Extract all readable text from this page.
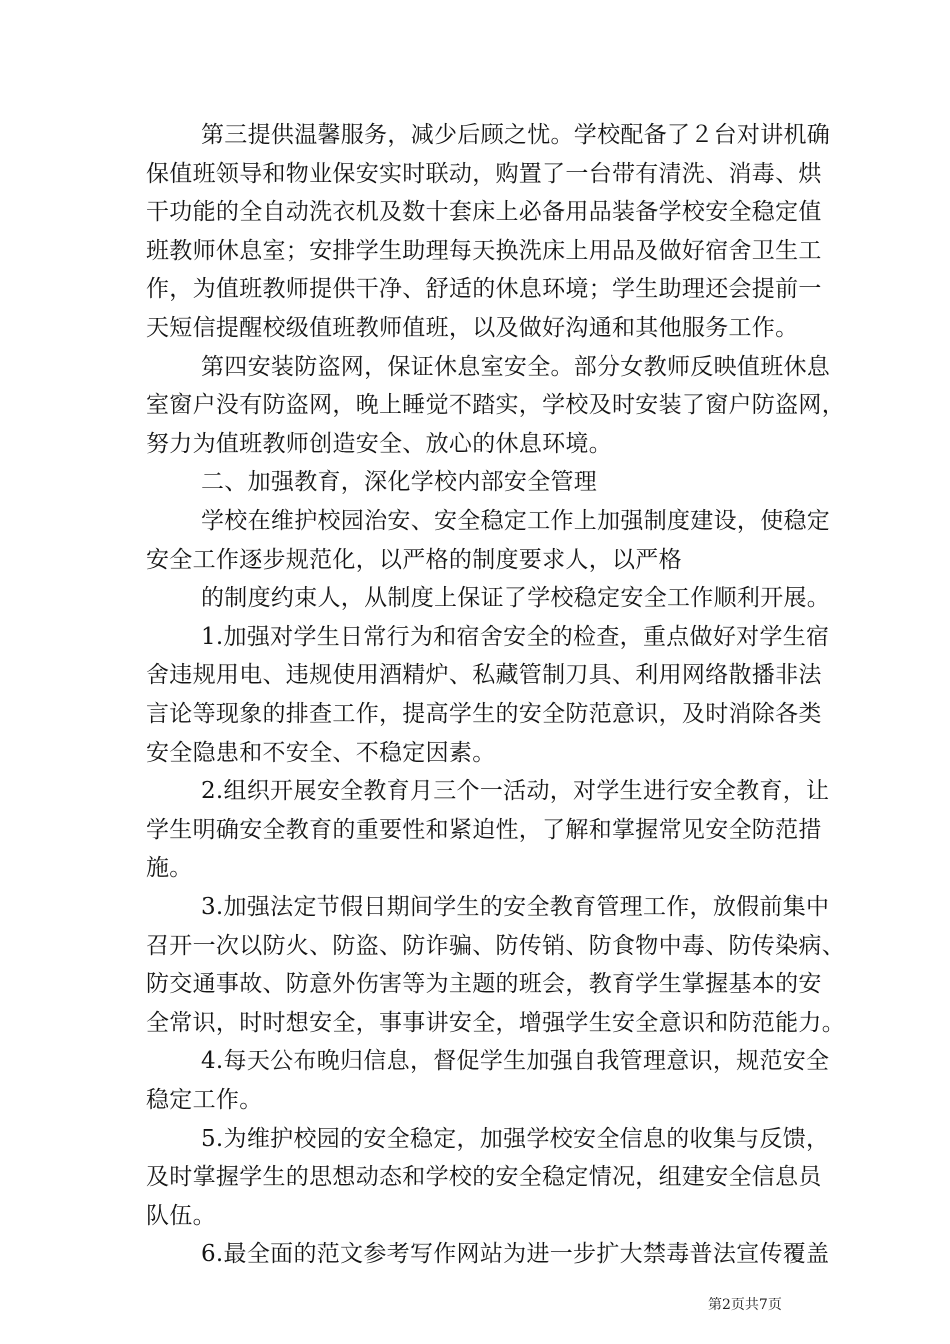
第三提供温馨服务，减少后顾之忧。学校配备了２台对讲机确
保值班领导和物业保安实时联动，购置了一台带有清洗、消毒、烘
干功能的全自动洗衣机及数十套床上必备用品装备学校安全稳定值
班教师休息室；安排学生助理每天换洗床上用品及做好宿舍卫生工
作，为值班教师提供干净、舒适的休息环境；学生助理还会提前一
天短信提醒校级值班教师值班，以及做好沟通和其他服务工作。
第四安装防盗网，保证休息室安全。部分女教师反映值班休息
室窗户没有防盗网，晚上睡觉不踏实，学校及时安装了窗户防盗网，
努力为值班教师创造安全、放心的休息环境。
二、加强教育，深化学校内部安全管理
学校在维护校园治安、安全稳定工作上加强制度建设，使稳定
安全工作逐步规范化，以严格的制度要求人，以严格
的制度约束人，从制度上保证了学校稳定安全工作顺利开展。
1.加强对学生日常行为和宿舍安全的检查，重点做好对学生宿
舍违规用电、违规使用酒精炉、私藏管制刀具、利用网络散播非法
言论等现象的排查工作，提高学生的安全防范意识，及时消除各类
安全隐患和不安全、不稳定因素。
2.组织开展安全教育月三个一活动，对学生进行安全教育，让
学生明确安全教育的重要性和紧迫性，了解和掌握常见安全防范措
施。
3.加强法定节假日期间学生的安全教育管理工作，放假前集中
召开一次以防火、防盗、防诈骗、防传销、防食物中毒、防传染病、
防交通事故、防意外伤害等为主题的班会，教育学生掌握基本的安
全常识，时时想安全，事事讲安全，增强学生安全意识和防范能力。
4.每天公布晚归信息，督促学生加强自我管理意识，规范安全
稳定工作。
5.为维护校园的安全稳定，加强学校安全信息的收集与反馈，
及时掌握学生的思想动态和学校的安全稳定情况，组建安全信息员
队伍。
6.最全面的范文参考写作网站为进一步扩大禁毒普法宣传覆盖
第2页共7页
